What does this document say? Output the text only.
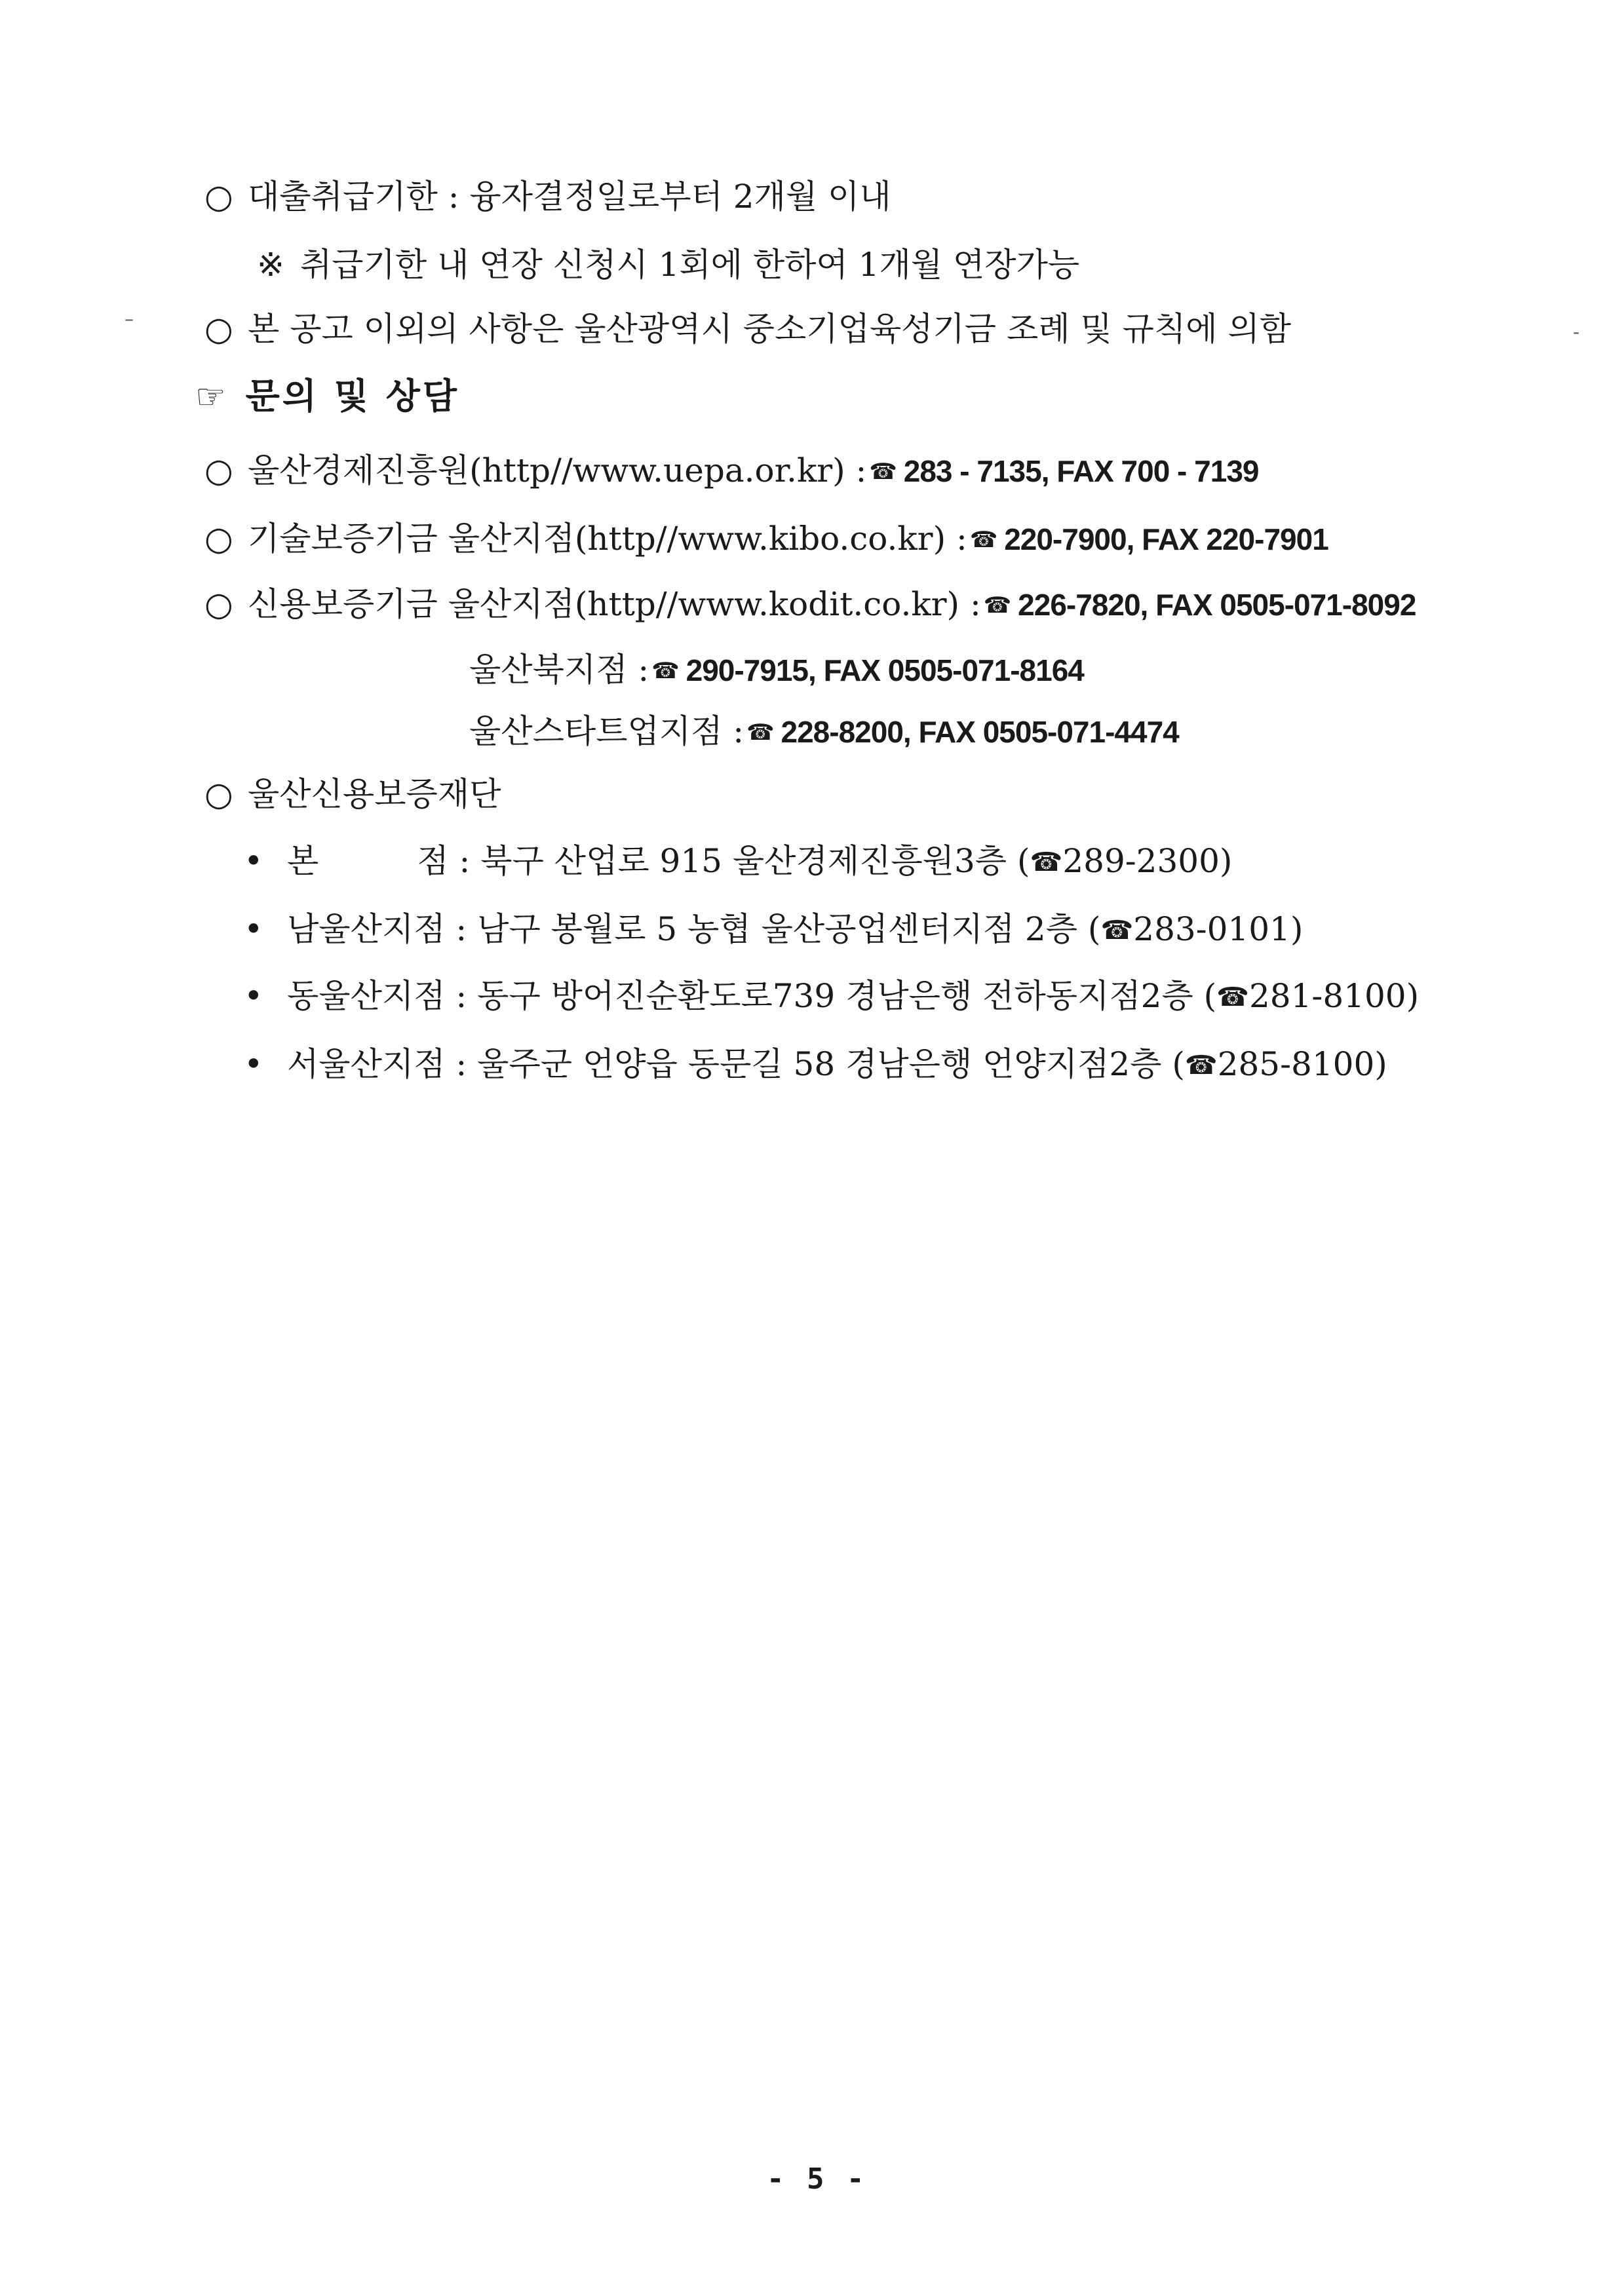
○ 대출취급기한 : 융자결정일로부터 2개월 이내
※ 취급기한 내 연장 신청시 1회에 한하여 1개월 연장가능
○ 본 공고 이외의 사항은 울산광역시 중소기업육성기금 조례 및 규칙에 의함
☞ 문의 및 상담
○ 울산경제진흥원(http//www.uepa.or.kr) : ☎ 283 - 7135, FAX 700 - 7139
○ 기술보증기금 울산지점(http//www.kibo.co.kr) : ☎ 220-7900, FAX 220-7901
○ 신용보증기금 울산지점(http//www.kodit.co.kr) : ☎ 226-7820, FAX 0505-071-8092
울산북지점 : ☎ 290-7915, FAX 0505-071-8164
울산스타트업지점 : ☎ 228-8200, FAX 0505-071-4474
○ 울산신용보증재단
• 본	점 : 북구 산업로 915 울산경제진흥원3층 (☎289-2300)
• 남울산지점 : 남구 봉월로 5 농협 울산공업센터지점 2층 (☎283-0101)
• 동울산지점 : 동구 방어진순환도로739 경남은행 전하동지점2층 (☎281-8100)
• 서울산지점 : 울주군 언양읍 동문길 58 경남은행 언양지점2층 (☎285-8100)
–
-
- 5 -
